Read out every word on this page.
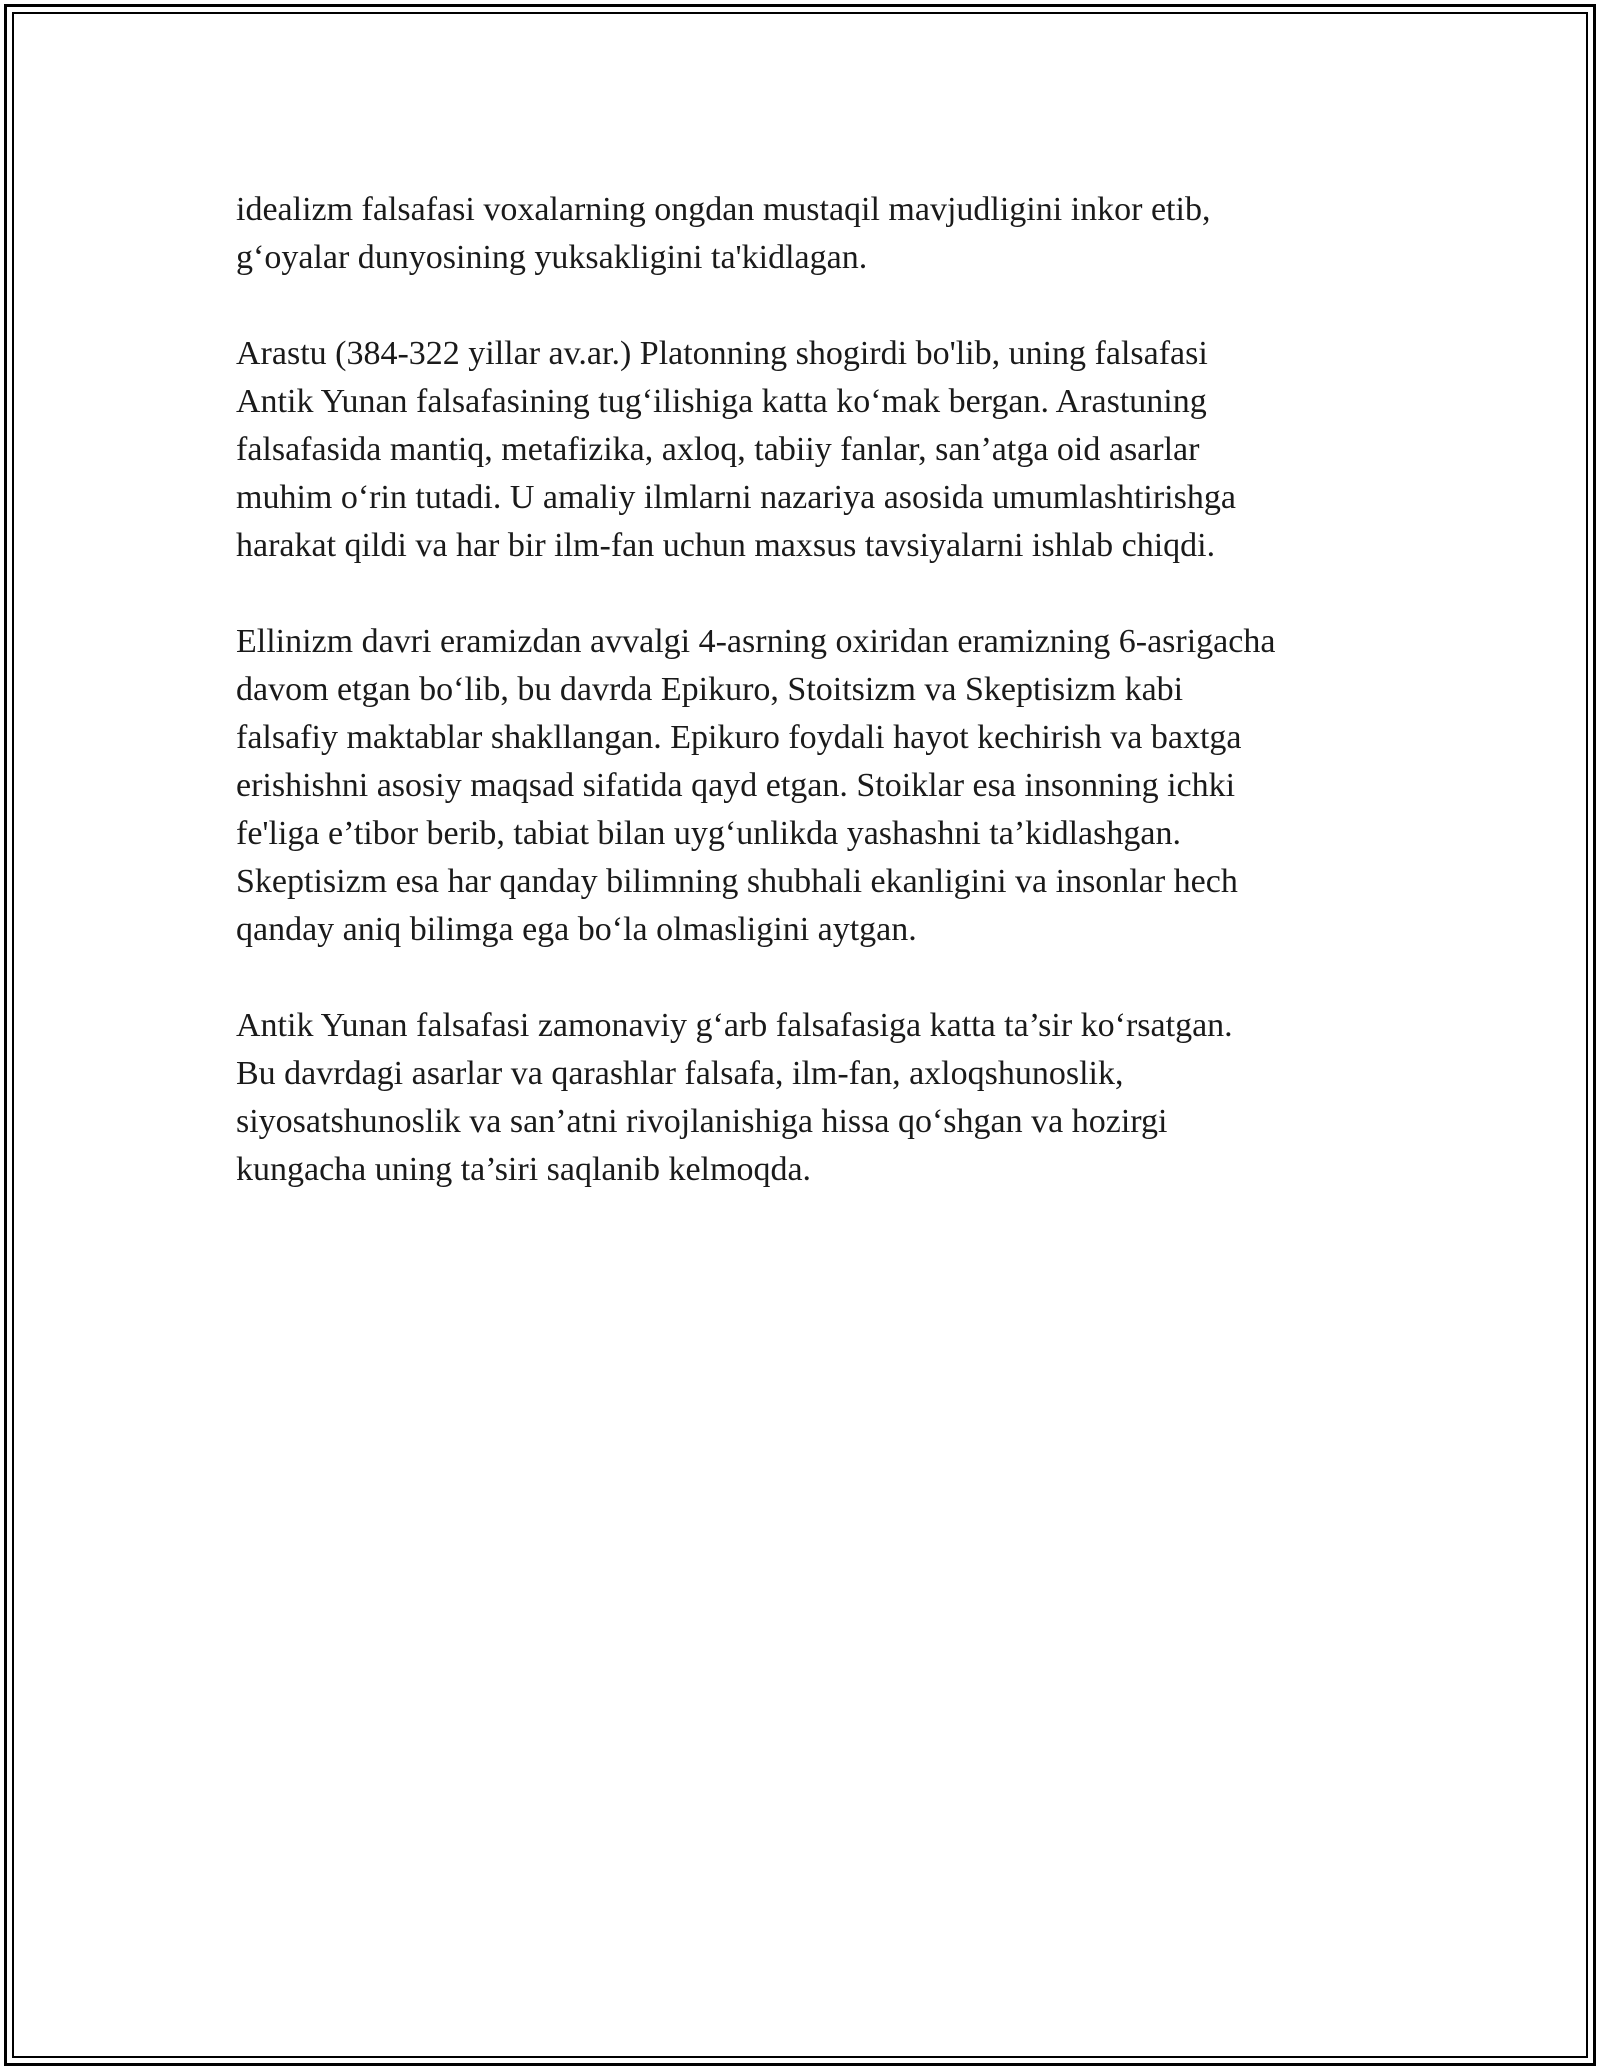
idealizm falsafasi voxalarning ongdan mustaqil mavjudligini inkor etib,
g‘oyalar dunyosining yuksakligini ta'kidlagan.

Arastu (384-322 yillar av.ar.) Platonning shogirdi bo'lib, uning falsafasi
Antik Yunan falsafasining tug‘ilishiga katta ko‘mak bergan. Arastuning
falsafasida mantiq, metafizika, axloq, tabiiy fanlar, san’atga oid asarlar
muhim o‘rin tutadi. U amaliy ilmlarni nazariya asosida umumlashtirishga
harakat qildi va har bir ilm-fan uchun maxsus tavsiyalarni ishlab chiqdi.

Ellinizm davri eramizdan avvalgi 4-asrning oxiridan eramizning 6-asrigacha
davom etgan bo‘lib, bu davrda Epikuro, Stoitsizm va Skeptisizm kabi
falsafiy maktablar shakllangan. Epikuro foydali hayot kechirish va baxtga
erishishni asosiy maqsad sifatida qayd etgan. Stoiklar esa insonning ichki
fe'liga e’tibor berib, tabiat bilan uyg‘unlikda yashashni ta’kidlashgan.
Skeptisizm esa har qanday bilimning shubhali ekanligini va insonlar hech
qanday aniq bilimga ega bo‘la olmasligini aytgan.

Antik Yunan falsafasi zamonaviy g‘arb falsafasiga katta ta’sir ko‘rsatgan.
Bu davrdagi asarlar va qarashlar falsafa, ilm-fan, axloqshunoslik,
siyosatshunoslik va san’atni rivojlanishiga hissa qo‘shgan va hozirgi
kungacha uning ta’siri saqlanib kelmoqda.
